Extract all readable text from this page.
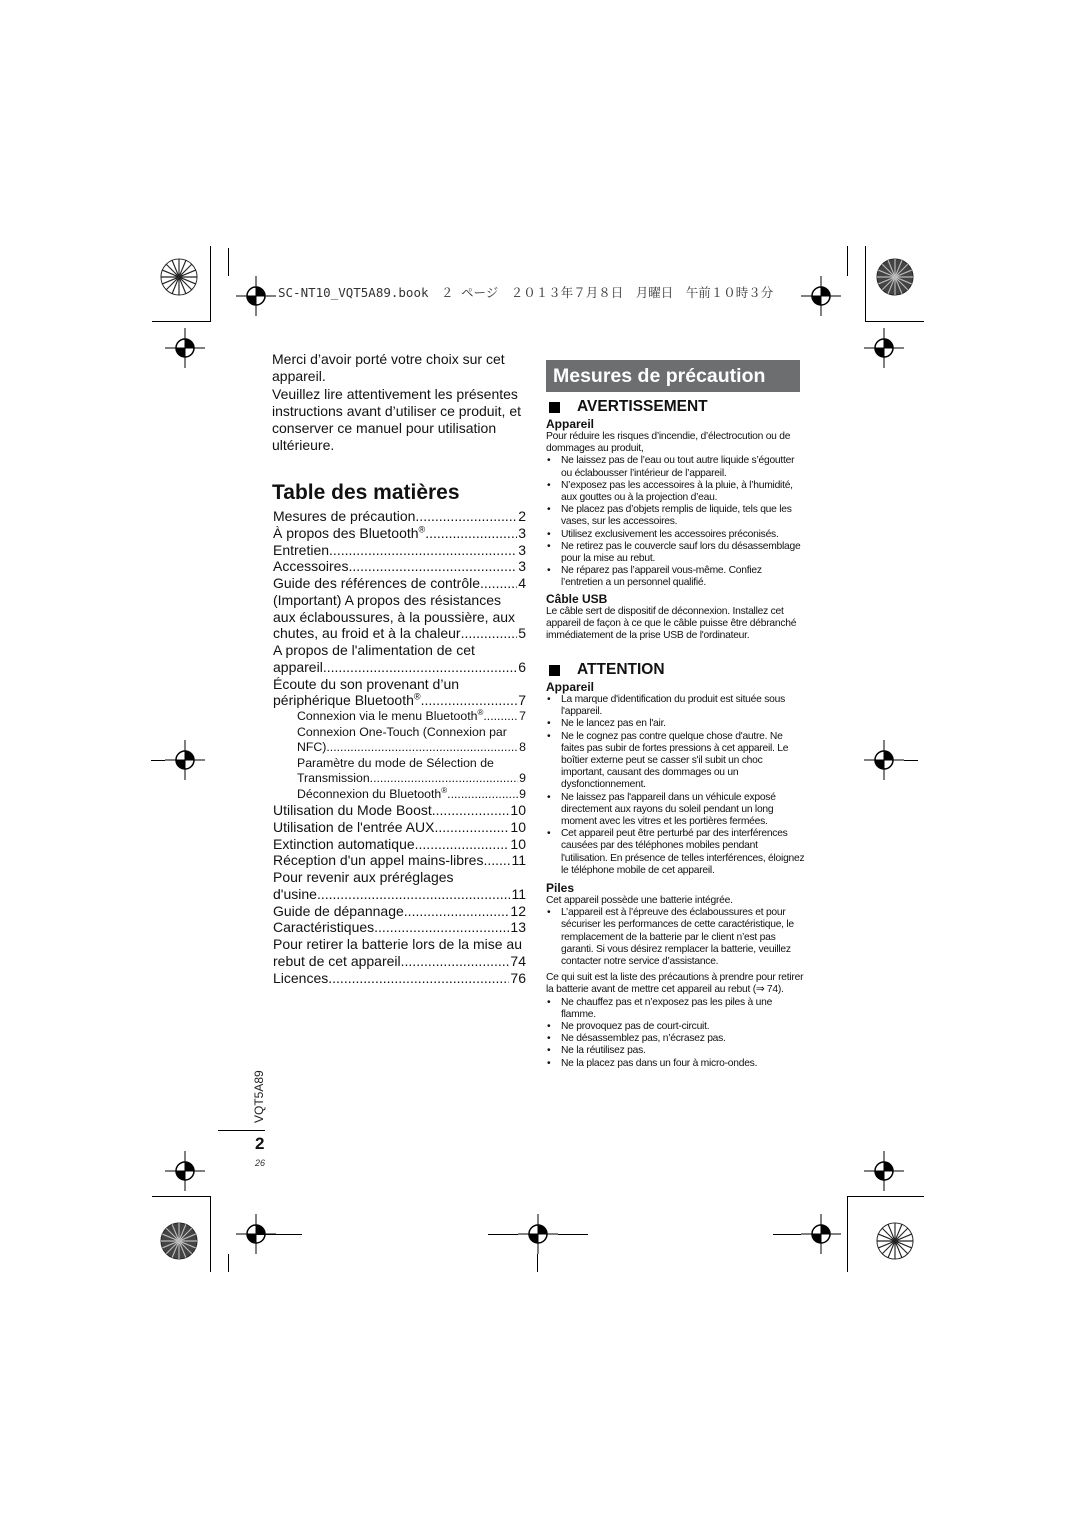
SC-NT10_VQT5A89.book　２ ページ　２０１３年７月８日　月曜日　午前１０時３分

Merci d’avoir porté votre choix sur cet appareil.

Veuillez lire attentivement les présentes instructions avant d’utiliser ce produit, et conserver ce manuel pour utilisation ultérieure.

Table des matières
Mesures de précaution .....	2
À propos des Bluetooth® .....	3
Entretien .....	3
Accessoires .....	3
Guide des références de contrôle .....	4
(Important) A propos des résistances
aux éclaboussures, à la poussière, aux
chutes, au froid et à la chaleur .....	5
A propos de l'alimentation de cet
appareil .....	6
Écoute du son provenant d’un
périphérique Bluetooth® .....	7
Connexion via le menu Bluetooth® .....	7
Connexion One-Touch (Connexion par
NFC) .....	8
Paramètre du mode de Sélection de
Transmission .....	9
Déconnexion du Bluetooth® .....	9
Utilisation du Mode Boost .....	10
Utilisation de l'entrée AUX .....	10
Extinction automatique .....	10
Réception d'un appel mains-libres ..... 11
Pour revenir aux préréglages
d'usine .....	11
Guide de dépannage .....	12
Caractéristiques .....	13
Pour retirer la batterie lors de la mise au
rebut de cet appareil .....	74
Licences .....	76
Mesures de précaution
AVERTISSEMENT
Appareil
Pour réduire les risques d’incendie, d’électrocution ou de dommages au produit,
• Ne laissez pas de l’eau ou tout autre liquide s’égoutter ou éclabousser l’intérieur de l’appareil.
• N’exposez pas les accessoires à la pluie, à l’humidité, aux gouttes ou à la projection d’eau.
• Ne placez pas d’objets remplis de liquide, tels que les vases, sur les accessoires.
• Utilisez exclusivement les accessoires préconisés.
• Ne retirez pas le couvercle sauf lors du désassemblage pour la mise au rebut.
• Ne réparez pas l’appareil vous-même. Confiez l’entretien a un personnel qualifié.
Câble USB
Le câble sert de dispositif de déconnexion. Installez cet appareil de façon à ce que le câble puisse être débranché immédiatement de la prise USB de l'ordinateur.
ATTENTION
Appareil
• La marque d'identification du produit est située sous l'appareil.
• Ne le lancez pas en l'air.
• Ne le cognez pas contre quelque chose d'autre. Ne faites pas subir de fortes pressions à cet appareil. Le boîtier externe peut se casser s'il subit un choc important, causant des dommages ou un dysfonctionnement.
• Ne laissez pas l'appareil dans un véhicule exposé directement aux rayons du soleil pendant un long moment avec les vitres et les portières fermées.
• Cet appareil peut être perturbé par des interférences causées par des téléphones mobiles pendant l'utilisation. En présence de telles interférences, éloignez le téléphone mobile de cet appareil.
Piles
Cet appareil possède une batterie intégrée.
• L’appareil est à l’épreuve des éclaboussures et pour sécuriser les performances de cette caractéristique, le remplacement de la batterie par le client n’est pas garanti. Si vous désirez remplacer la batterie, veuillez contacter notre service d’assistance.
Ce qui suit est la liste des précautions à prendre pour retirer la batterie avant de mettre cet appareil au rebut (⇒ 74).
• Ne chauffez pas et n’exposez pas les piles à une flamme.
• Ne provoquez pas de court-circuit.
• Ne désassemblez pas, n’écrasez pas.
• Ne la réutilisez pas.
• Ne la placez pas dans un four à micro-ondes.
VQT5A89
2
26
